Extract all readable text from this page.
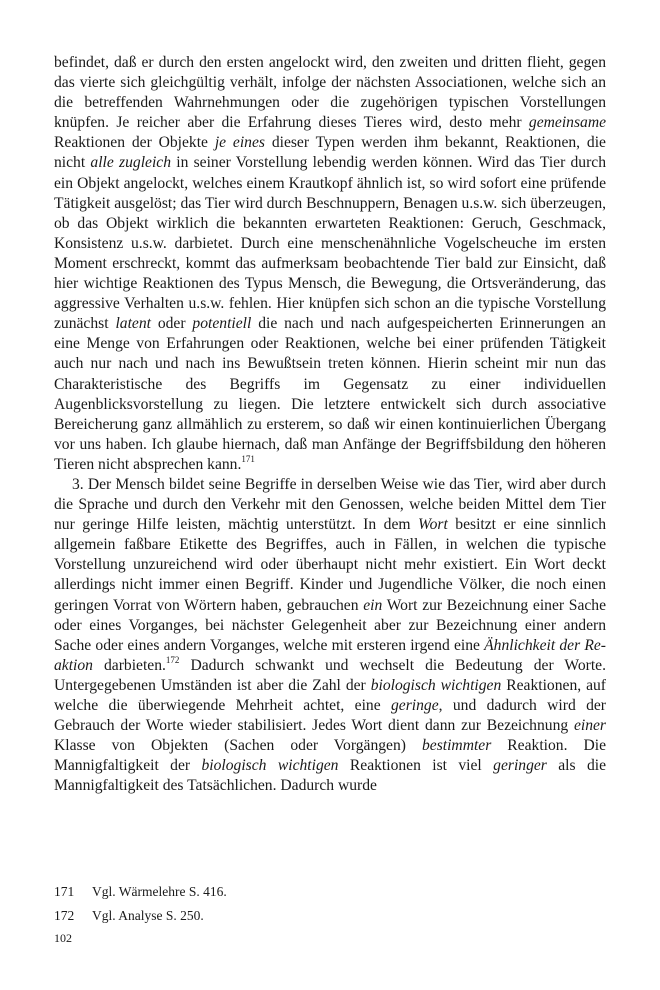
befindet, daß er durch den ersten angelockt wird, den zweiten und dritten flieht, gegen das vierte sich gleichgültig verhält, infolge der nächsten Associationen, welche sich an die betreffenden Wahrnehmungen oder die zugehörigen typischen Vorstellungen knüpfen. Je reicher aber die Erfahrung dieses Tieres wird, desto mehr gemeinsame Reaktionen der Objekte je eines dieser Typen werden ihm bekannt, Reaktionen, die nicht alle zugleich in seiner Vorstellung lebendig werden können. Wird das Tier durch ein Objekt angelockt, welches einem Krautkopf ähnlich ist, so wird sofort eine prüfende Tätigkeit ausgelöst; das Tier wird durch Beschnuppern, Benagen u.s.w. sich überzeugen, ob das Objekt wirklich die bekannten erwarteten Reaktionen: Geruch, Geschmack, Konsistenz u.s.w. darbietet. Durch eine menschenähnliche Vogelscheuche im ersten Moment erschreckt, kommt das aufmerksam beobachtende Tier bald zur Einsicht, daß hier wichtige Reaktionen des Typus Mensch, die Bewegung, die Ortsveränderung, das aggressive Verhalten u.s.w. fehlen. Hier knüpfen sich schon an die typische Vorstellung zunächst latent oder potentiell die nach und nach aufgespeicherten Erinnerungen an eine Menge von Erfahrungen oder Reaktionen, welche bei einer prüfenden Tätigkeit auch nur nach und nach ins Bewußtsein treten können. Hierin scheint mir nun das Charakteristische des Begriffs im Gegensatz zu einer individuellen Augenblicksvorstellung zu liegen. Die letztere entwickelt sich durch associative Bereicherung ganz allmählich zu ersterem, so daß wir einen kontinuierlichen Übergang vor uns haben. Ich glaube hiernach, daß man Anfänge der Begriffsbildung den höheren Tieren nicht absprechen kann.$^{171}$

3. Der Mensch bildet seine Begriffe in derselben Weise wie das Tier, wird aber durch die Sprache und durch den Verkehr mit den Genossen, welche beiden Mittel dem Tier nur geringe Hilfe leisten, mächtig unterstützt. In dem Wort besitzt er eine sinnlich allgemein faßbare Etikette des Begriffes, auch in Fällen, in welchen die typische Vorstellung unzureichend wird oder überhaupt nicht mehr existiert. Ein Wort deckt allerdings nicht immer einen Begriff. Kinder und Jugendliche Völker, die noch einen geringen Vorrat von Wörtern haben, gebrauchen ein Wort zur Bezeichnung einer Sache oder eines Vorganges, bei nächster Gelegenheit aber zur Bezeichnung einer andern Sache oder eines andern Vorganges, welche mit ersteren irgend eine Ähnlichkeit der Reaktion darbieten.$^{172}$ Dadurch schwankt und wechselt die Bedeutung der Worte. Untergegebenen Umständen ist aber die Zahl der biologisch wichtigen Reaktionen, auf welche die überwiegende Mehrheit achtet, eine geringe, und dadurch wird der Gebrauch der Worte wieder stabilisiert. Jedes Wort dient dann zur Bezeichnung einer Klasse von Objekten (Sachen oder Vorgängen) bestimmter Reaktion. Die Mannigfaltigkeit der biologisch wichtigen Reaktionen ist viel geringer als die Mannigfaltigkeit des Tatsächlichen. Dadurch wurde

171	Vgl. Wärmelehre S. 416.
172	Vgl. Analyse S. 250.
102
